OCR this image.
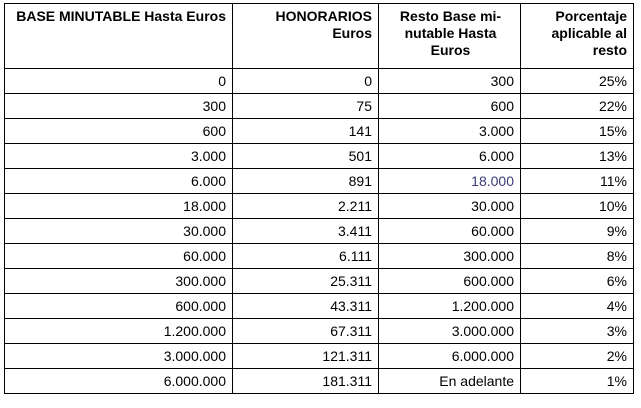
BASE MINUTABLE Hasta Euros	HONORARIOS Euros	Resto Base mi-nutable Hasta Euros	Porcentaje aplicable al resto
0	0	300	25%
300	75	600	22%
600	141	3.000	15%
3.000	501	6.000	13%
6.000	891	18.000	11%
18.000	2.211	30.000	10%
30.000	3.411	60.000	9%
60.000	6.111	300.000	8%
300.000	25.311	600.000	6%
600.000	43.311	1.200.000	4%
1.200.000	67.311	3.000.000	3%
3.000.000	121.311	6.000.000	2%
6.000.000	181.311	En adelante	1%
